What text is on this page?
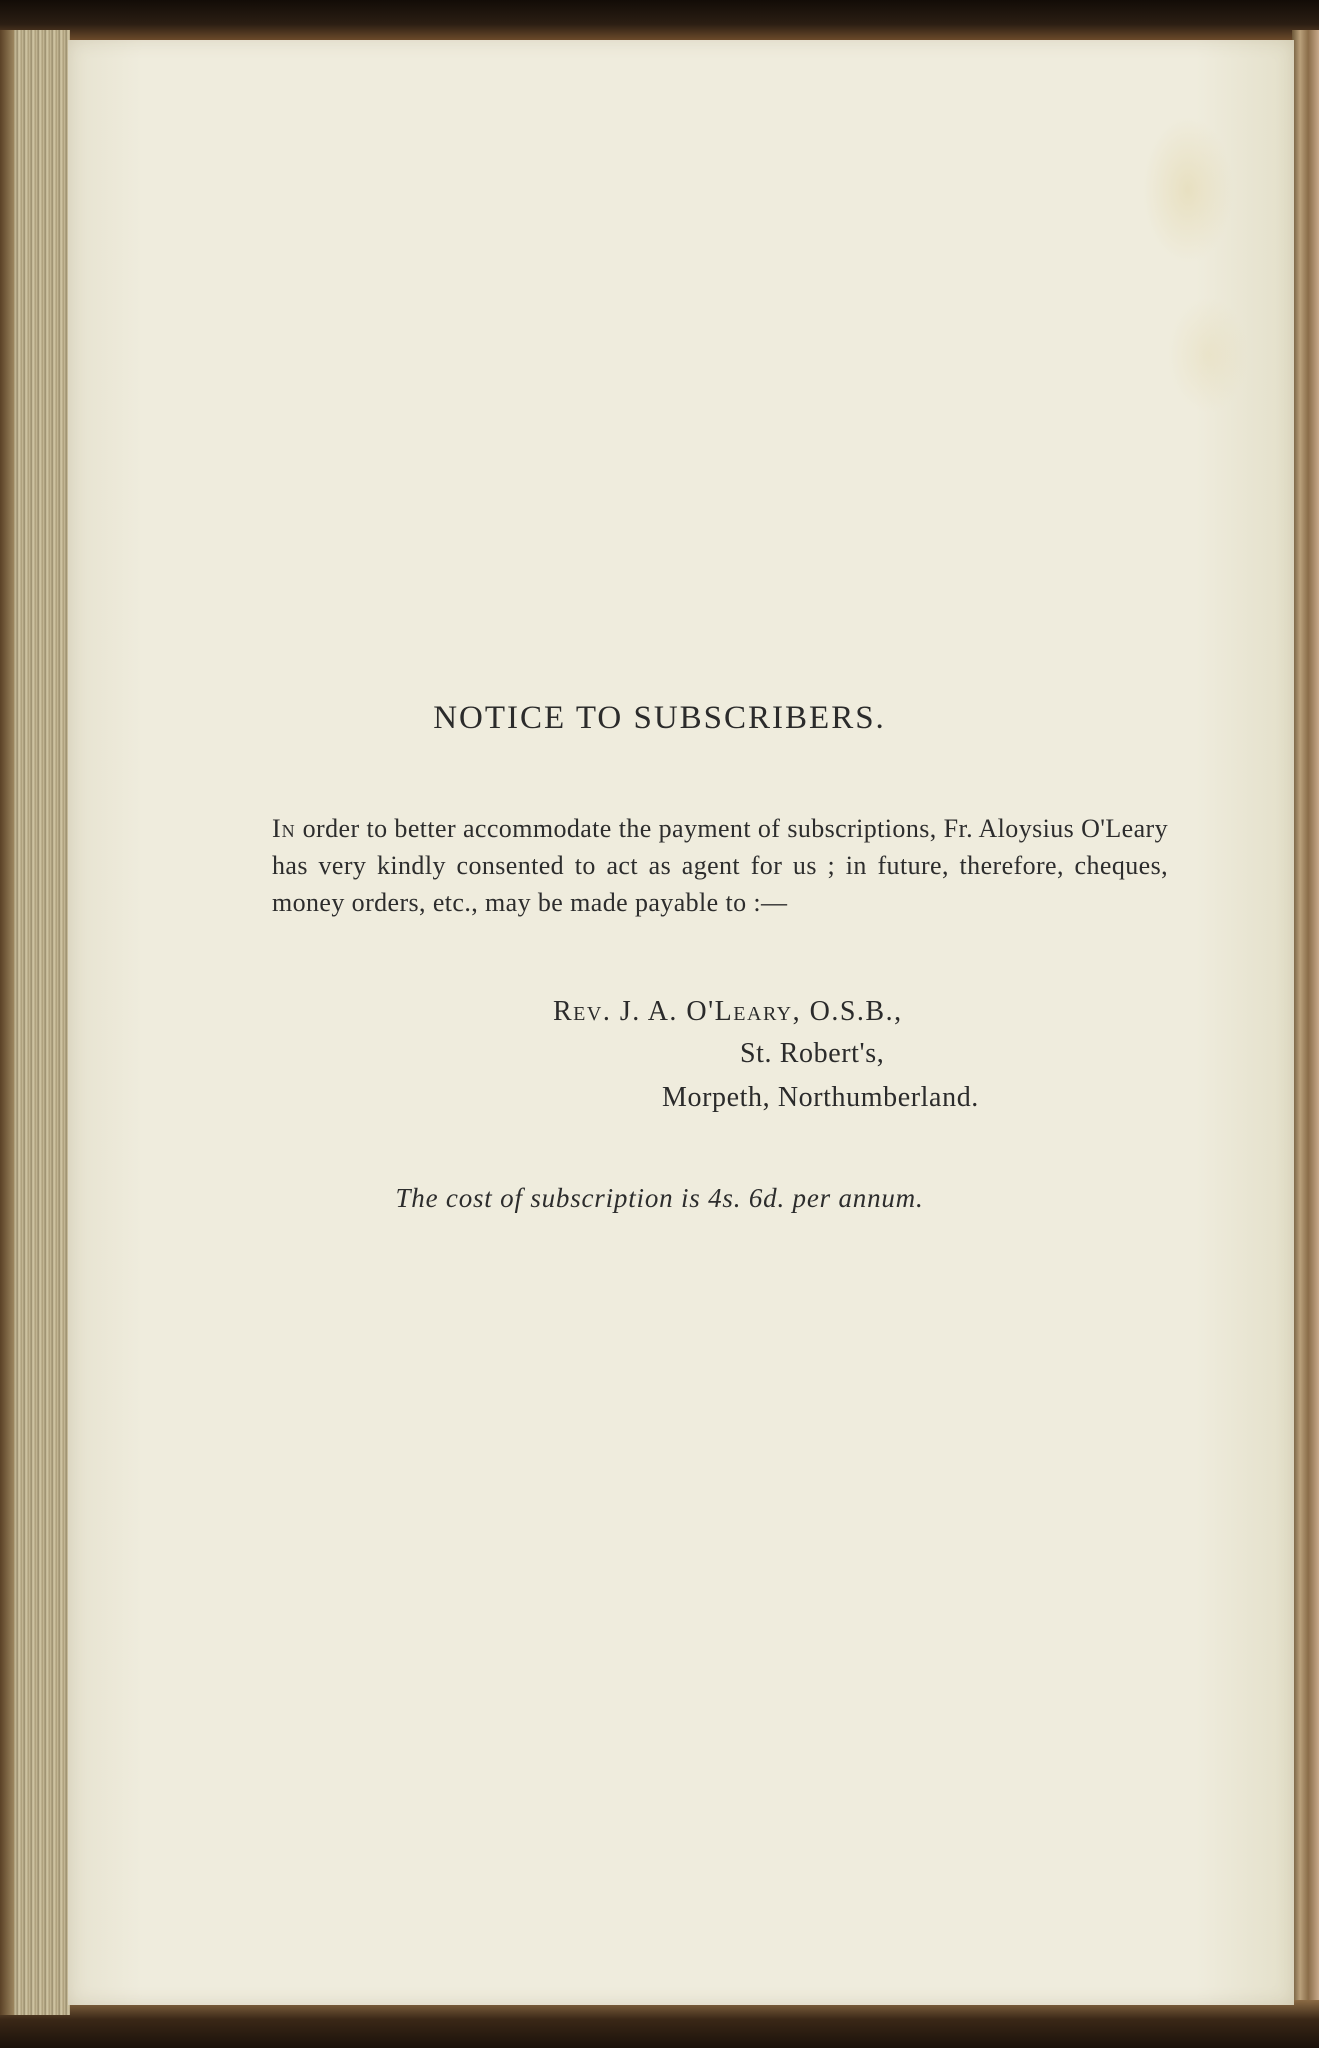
NOTICE TO SUBSCRIBERS.
In order to better accommodate the payment of subscriptions, Fr. Aloysius O'Leary has very kindly consented to act as agent for us ; in future, therefore, cheques, money orders, etc., may be made payable to :—
Rev. J. A. O'Leary, O.S.B.,
St. Robert's,
Morpeth, Northumberland.
The cost of subscription is 4s. 6d. per annum.
